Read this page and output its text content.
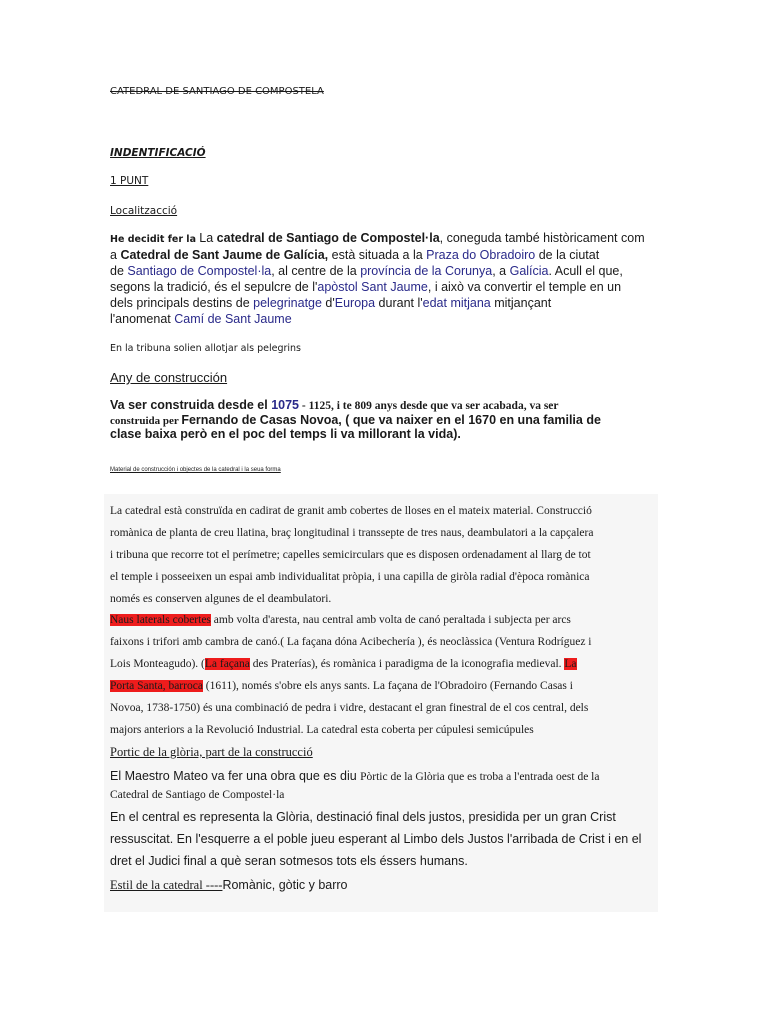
CATEDRAL DE SANTIAGO DE COMPOSTELA
INDENTIFICACIÓ
1 PUNT
Localitzacció
He decidit fer la La catedral de Santiago de Compostel·la, coneguda també històricament com
a Catedral de Sant Jaume de Galícia, està situada a la Praza do Obradoiro de la ciutat
de Santiago de Compostel·la, al centre de la província de la Corunya, a Galícia. Acull el que,
segons la tradició, és el sepulcre de l'apòstol Sant Jaume, i això va convertir el temple en un
dels principals destins de pelegrinatge d'Europa durant l'edat mitjana mitjançant
l'anomenat Camí de Sant Jaume
En la tribuna solien allotjar als pelegrins
Any de construcción
Va ser construida desde el 1075 - 1125, i te 809 anys desde que va ser acabada, va ser
construida per Fernando de Casas Novoa, ( que va naixer en el 1670 en una familia de
clase baixa però en el poc del temps li va millorant la vida).
Material de construcción i objectes de la catedral i la seua forma
La catedral està construïda en cadirat de granit amb cobertes de lloses en el mateix material. Construcció
romànica de planta de creu llatina, braç longitudinal i transsepte de tres naus, deambulatori a la capçalera
i tribuna que recorre tot el perímetre; capelles semicirculars que es disposen ordenadament al llarg de tot
el temple i posseeixen un espai amb individualitat pròpia, i una capilla de giròla radial d'època romànica
només es conserven algunes de el deambulatori.
Naus laterals cobertes amb volta d'aresta, nau central amb volta de canó peraltada i subjecta per arcs
faixons i trifori amb cambra de canó.( La façana dóna Acibechería ), és neoclàssica (Ventura Rodríguez i
Lois Monteagudo). (La façana des Praterías), és romànica i paradigma de la iconografia medieval. La
Porta Santa, barroca (1611), només s'obre els anys sants. La façana de l'Obradoiro (Fernando Casas i
Novoa, 1738-1750) és una combinació de pedra i vidre, destacant el gran finestral de el cos central, dels
majors anteriors a la Revolució Industrial. La catedral esta coberta per cúpulesi semicúpules
Portic de la glòria, part de la construcció
El Maestro Mateo va fer una obra que es diu Pòrtic de la Glòria que es troba a l'entrada oest de la
Catedral de Santiago de Compostel·la
En el central es representa la Glòria, destinació final dels justos, presidida per un gran Crist
ressuscitat. En l'esquerre a el poble jueu esperant al Limbo dels Justos l'arribada de Crist i en el
dret el Judici final a què seran sotmesos tots els éssers humans.
Estil de la catedral ----Romànic, gòtic y barro
